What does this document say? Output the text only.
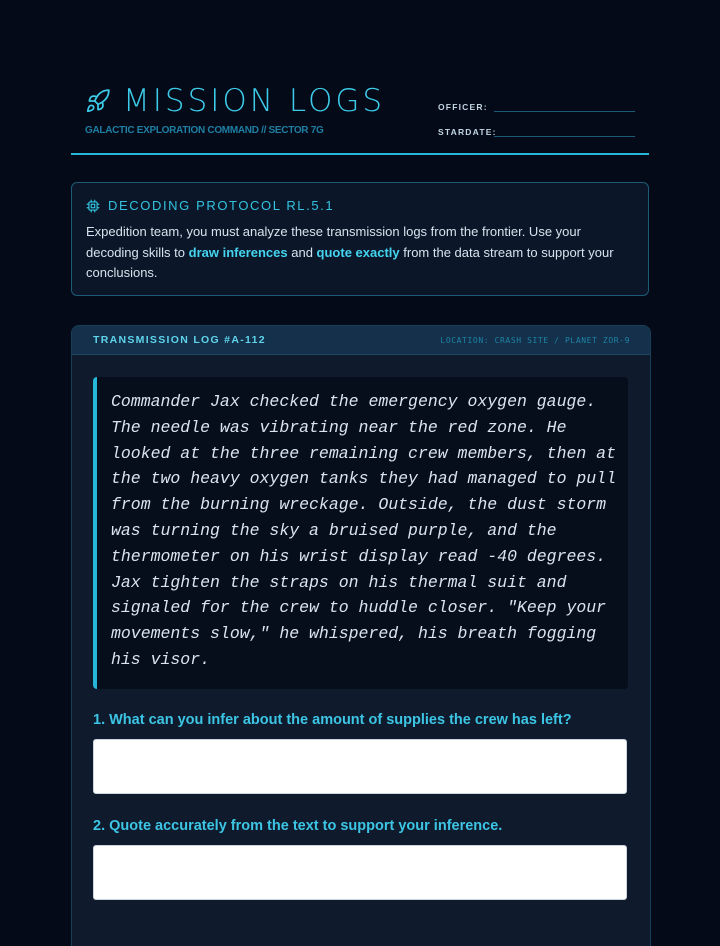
MISSION LOGS
GALACTIC EXPLORATION COMMAND // SECTOR 7G
OFFICER:
STARDATE:
DECODING PROTOCOL RL.5.1
Expedition team, you must analyze these transmission logs from the frontier. Use your decoding skills to draw inferences and quote exactly from the data stream to support your conclusions.
TRANSMISSION LOG #A-112	LOCATION: CRASH SITE / PLANET ZOR-9
Commander Jax checked the emergency oxygen gauge. The needle was vibrating near the red zone. He looked at the three remaining crew members, then at the two heavy oxygen tanks they had managed to pull from the burning wreckage. Outside, the dust storm was turning the sky a bruised purple, and the thermometer on his wrist display read -40 degrees. Jax tighten the straps on his thermal suit and signaled for the crew to huddle closer. "Keep your movements slow," he whispered, his breath fogging his visor.
1. What can you infer about the amount of supplies the crew has left?
2. Quote accurately from the text to support your inference.
